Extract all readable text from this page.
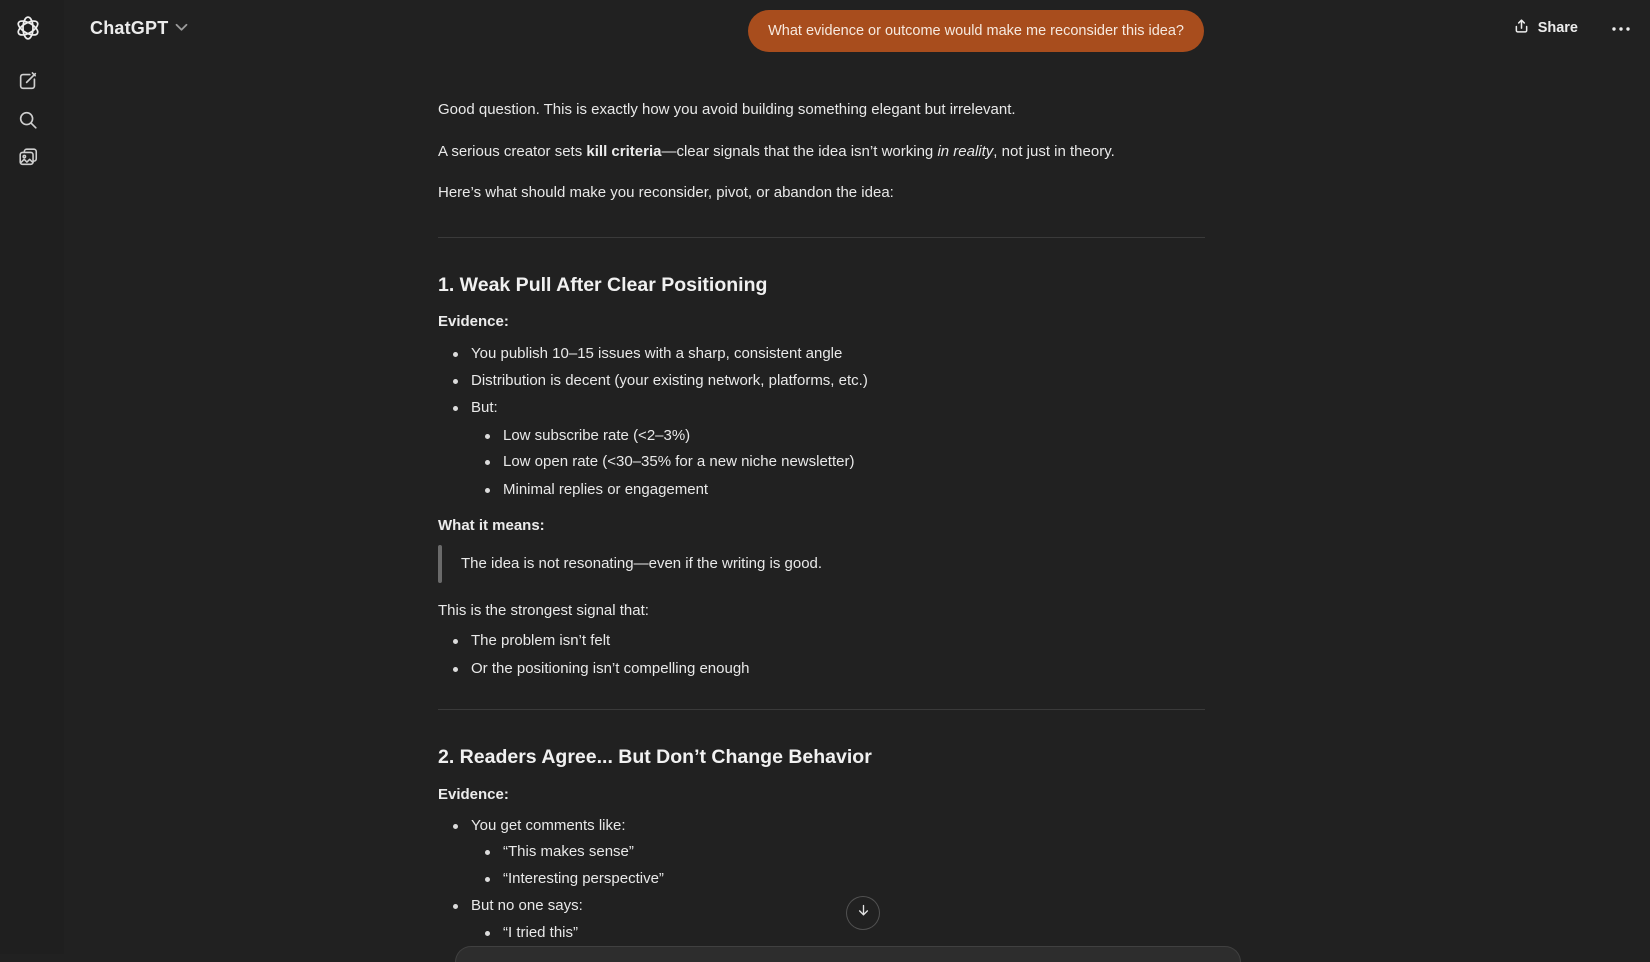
ChatGPT	Share
What evidence or outcome would make me reconsider this idea?

Good question. This is exactly how you avoid building something elegant but irrelevant.

A serious creator sets kill criteria—clear signals that the idea isn’t working in reality, not just in theory.

Here’s what should make you reconsider, pivot, or abandon the idea:

1. Weak Pull After Clear Positioning

Evidence:

You publish 10–15 issues with a sharp, consistent angle
Distribution is decent (your existing network, platforms, etc.)
But:
Low subscribe rate (<2–3%)
Low open rate (<30–35% for a new niche newsletter)
Minimal replies or engagement

What it means:

The idea is not resonating—even if the writing is good.

This is the strongest signal that:

The problem isn’t felt
Or the positioning isn’t compelling enough
2. Readers Agree... But Don’t Change Behavior

Evidence:

You get comments like:
“This makes sense”
“Interesting perspective”
But no one says:
“I tried this”
